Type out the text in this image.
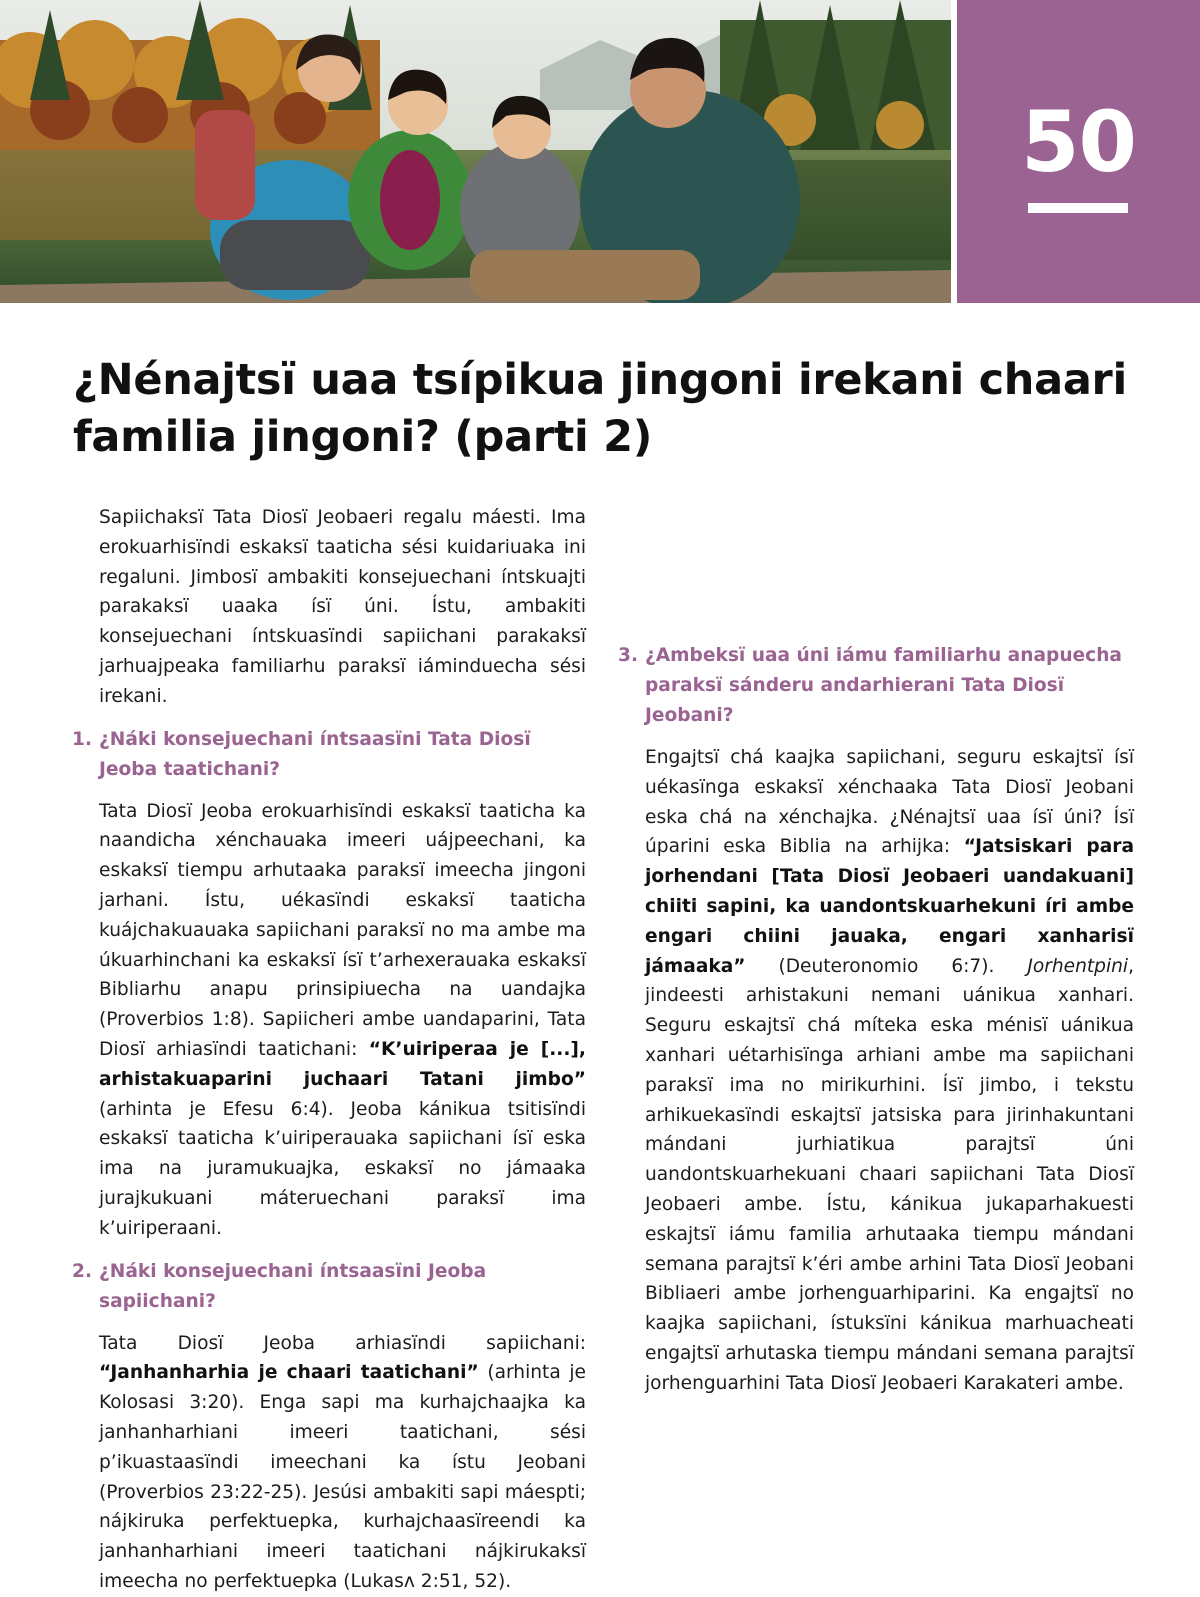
50
¿Nénajtsï uaa tsípikua jingoni irekani chaari familia jingoni? (parti 2)

Sapiichaksï Tata Diosï Jeobaeri regalu máesti. Ima erokuarhisïndi eskaksï taaticha sési kuidariuaka ini regaluni. Jimbosï ambakiti konsejuechani íntskuajti parakaksï uaaka ísï úni. Ístu, ambakiti konsejuechani íntskuasïndi sapiichani parakaksï jarhuajpeaka familiarhu paraksï iáminduecha sési irekani.

1. ¿Náki konsejuechani íntsaasïni Tata Diosï Jeoba taatichani?

Tata Diosï Jeoba erokuarhisïndi eskaksï taaticha ka naandicha xénchauaka imeeri uájpeechani, ka eskaksï tiempu arhutaaka paraksï imeecha jingoni jarhani. Ístu, uékasïndi eskaksï taaticha kuájchakuauaka sapiichani paraksï no ma ambe ma úkuarhinchani ka eskaksï ísï t’arhexerauaka eskaksï Bibliarhu anapu prinsipiuecha na uandajka (Proverbios 1:8). Sapiicheri ambe uandaparini, Tata Diosï arhiasïndi taatichani: “K’uiriperaa je [...], arhistakuaparini juchaari Tatani jimbo” (arhinta je Efesu 6:4). Jeoba kánikua tsitisïndi eskaksï taaticha k’uiriperauaka sapiichani ísï eska ima na juramukuajka, eskaksï no jámaaka jurajkukuani máteruechani paraksï ima k’uiriperaani.

2. ¿Náki konsejuechani íntsaasïni Jeoba sapiichani?

Tata Diosï Jeoba arhiasïndi sapiichani: “Janhanharhia je chaari taatichani” (arhinta je Kolosasi 3:20). Enga sapi ma kurhajchaajka ka janhanharhiani imeeri taatichani, sési p’ikuastaasïndi imeechani ka ístu Jeobani (Proverbios 23:22-25). Jesúsi ambakiti sapi máespti; nájkiruka perfektuepka, kurhajchaasïreendi ka janhanharhiani imeeri taatichani nájkirukaksï imeecha no perfektuepka (Lukasʌ 2:51, 52).

3. ¿Ambeksï uaa úni iámu familiarhu anapuecha paraksï sánderu andarhierani Tata Diosï Jeobani?

Engajtsï chá kaajka sapiichani, seguru eskajtsï ísï uékasïnga eskaksï xénchaaka Tata Diosï Jeobani eska chá na xénchajka. ¿Nénajtsï uaa ísï úni? Ísï úparini eska Biblia na arhijka: “Jatsiskari para jorhendani [Tata Diosï Jeobaeri uandakuani] chiiti sapini, ka uandontskuarhekuni íri ambe engari chiini jauaka, engari xanharisï jámaaka” (Deuteronomio 6:7). Jorhentpini, jindeesti arhistakuni nemani uánikua xanhari. Seguru eskajtsï chá míteka eska ménisï uánikua xanhari uétarhisïnga arhiani ambe ma sapiichani paraksï ima no mirikurhini. Ísï jimbo, i tekstu arhikuekasïndi eskajtsï jatsiska para jirinhakuntani mándani jurhiatikua parajtsï úni uandontskuarhekuani chaari sapiichani Tata Diosï Jeobaeri ambe. Ístu, kánikua jukaparhakuesti eskajtsï iámu familia arhutaaka tiempu mándani semana parajtsï k’éri ambe arhini Tata Diosï Jeobani Bibliaeri ambe jorhenguarhiparini. Ka engajtsï no kaajka sapiichani, ístuksïni kánikua marhuacheati engajtsï arhutaska tiempu mándani semana parajtsï jorhenguarhini Tata Diosï Jeobaeri Karakateri ambe.
